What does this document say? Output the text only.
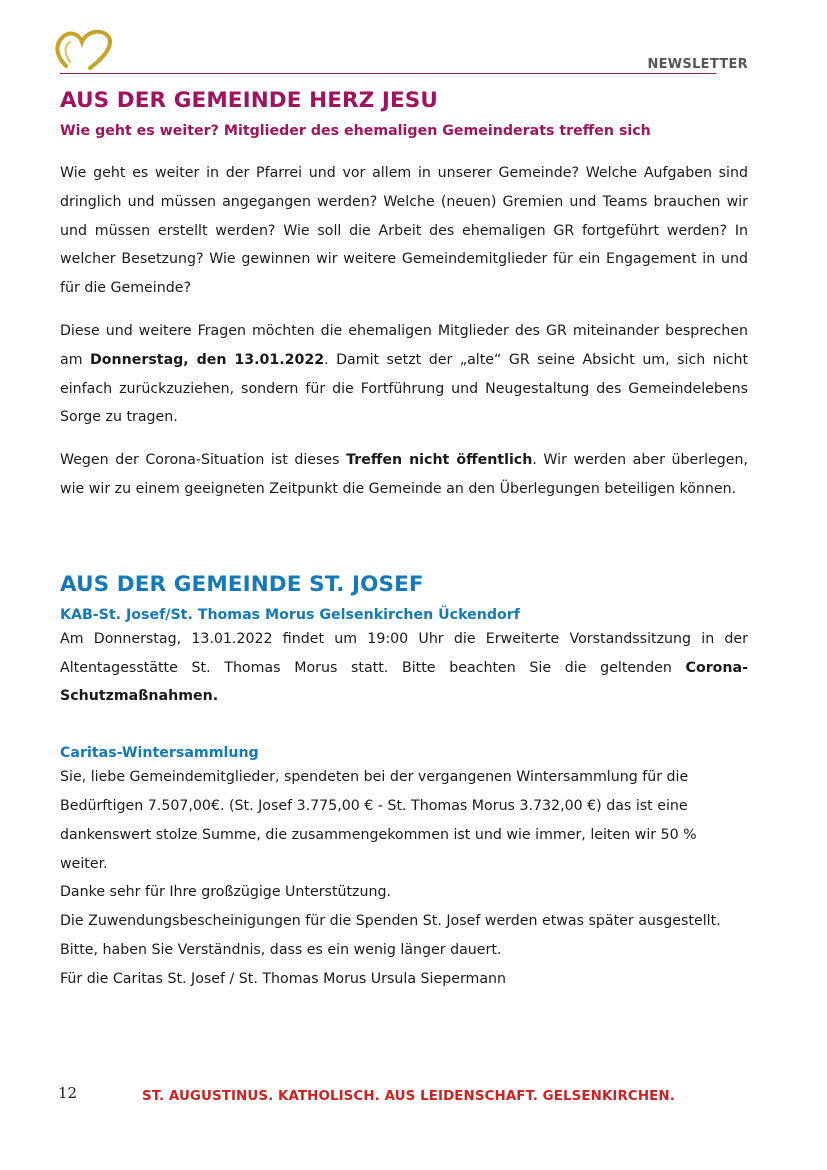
NEWSLETTER
AUS DER GEMEINDE HERZ JESU
Wie geht es weiter? Mitglieder des ehemaligen Gemeinderats treffen sich

Wie geht es weiter in der Pfarrei und vor allem in unserer Gemeinde? Welche Aufgaben sind dringlich und müssen angegangen werden? Welche (neuen) Gremien und Teams brauchen wir und müssen erstellt werden? Wie soll die Arbeit des ehemaligen GR fortgeführt werden? In welcher Besetzung? Wie gewinnen wir weitere Gemeindemitglieder für ein Engagement in und für die Gemeinde?

Diese und weitere Fragen möchten die ehemaligen Mitglieder des GR miteinander besprechen am Donnerstag, den 13.01.2022. Damit setzt der „alte“ GR seine Absicht um, sich nicht einfach zurückzuziehen, sondern für die Fortführung und Neugestaltung des Gemeindelebens Sorge zu tragen.

Wegen der Corona-Situation ist dieses Treffen nicht öffentlich. Wir werden aber überlegen, wie wir zu einem geeigneten Zeitpunkt die Gemeinde an den Überlegungen beteiligen können.

AUS DER GEMEINDE ST. JOSEF
KAB-St. Josef/St. Thomas Morus Gelsenkirchen Ückendorf

Am Donnerstag, 13.01.2022 findet um 19:00 Uhr die Erweiterte Vorstandssitzung in der Altentagesstätte St. Thomas Morus statt. Bitte beachten Sie die geltenden Corona-Schutzmaßnahmen.

Caritas-Wintersammlung

Sie, liebe Gemeindemitglieder, spendeten bei der vergangenen Wintersammlung für die Bedürftigen 7.507,00€. (St. Josef 3.775,00 € - St. Thomas Morus 3.732,00 €) das ist eine dankenswert stolze Summe, die zusammengekommen ist und wie immer, leiten wir 50 % weiter.

Danke sehr für Ihre großzügige Unterstützung.

Die Zuwendungsbescheinigungen für die Spenden St. Josef werden etwas später ausgestellt. Bitte, haben Sie Verständnis, dass es ein wenig länger dauert.

Für die Caritas St. Josef / St. Thomas Morus Ursula Siepermann

12	ST. AUGUSTINUS. KATHOLISCH. AUS LEIDENSCHAFT. GELSENKIRCHEN.
